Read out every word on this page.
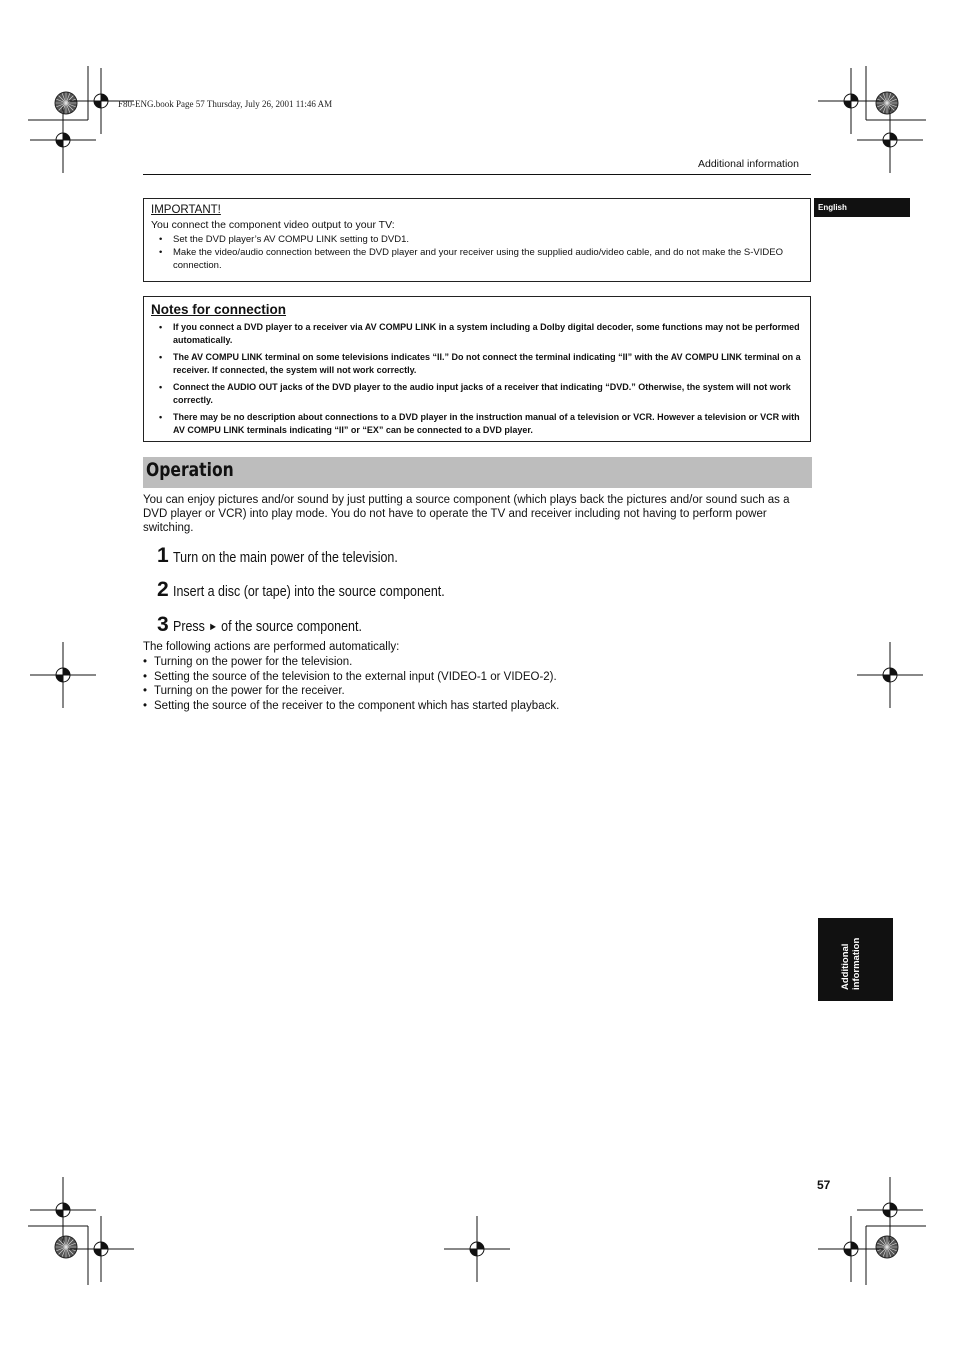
F80-ENG.book Page 57 Thursday, July 26, 2001 11:46 AM
Additional information
English
IMPORTANT!
You connect the component video output to your TV:
• Set the DVD player’s AV COMPU LINK setting to DVD1.
• Make the video/audio connection between the DVD player and your receiver using the supplied audio/video cable, and do not make the S-VIDEO connection.
Notes for connection
• If you connect a DVD player to a receiver via AV COMPU LINK in a system including a Dolby digital decoder, some functions may not be performed automatically.
• The AV COMPU LINK terminal on some televisions indicates “II.” Do not connect the terminal indicating “II” with the AV COMPU LINK terminal on a receiver. If connected, the system will not work correctly.
• Connect the AUDIO OUT jacks of the DVD player to the audio input jacks of a receiver that indicating “DVD.” Otherwise, the system will not work correctly.
• There may be no description about connections to a DVD player in the instruction manual of a television or VCR. However a television or VCR with AV COMPU LINK terminals indicating “II” or “EX” can be connected to a DVD player.
Operation
You can enjoy pictures and/or sound by just putting a source component (which plays back the pictures and/or sound such as a DVD player or VCR) into play mode. You do not have to operate the TV and receiver including not having to perform power switching.
1 Turn on the main power of the television.
2 Insert a disc (or tape) into the source component.
3 Press ► of the source component.
The following actions are performed automatically:
• Turning on the power for the television.
• Setting the source of the television to the external input (VIDEO-1 or VIDEO-2).
• Turning on the power for the receiver.
• Setting the source of the receiver to the component which has started playback.
Additional information
57
